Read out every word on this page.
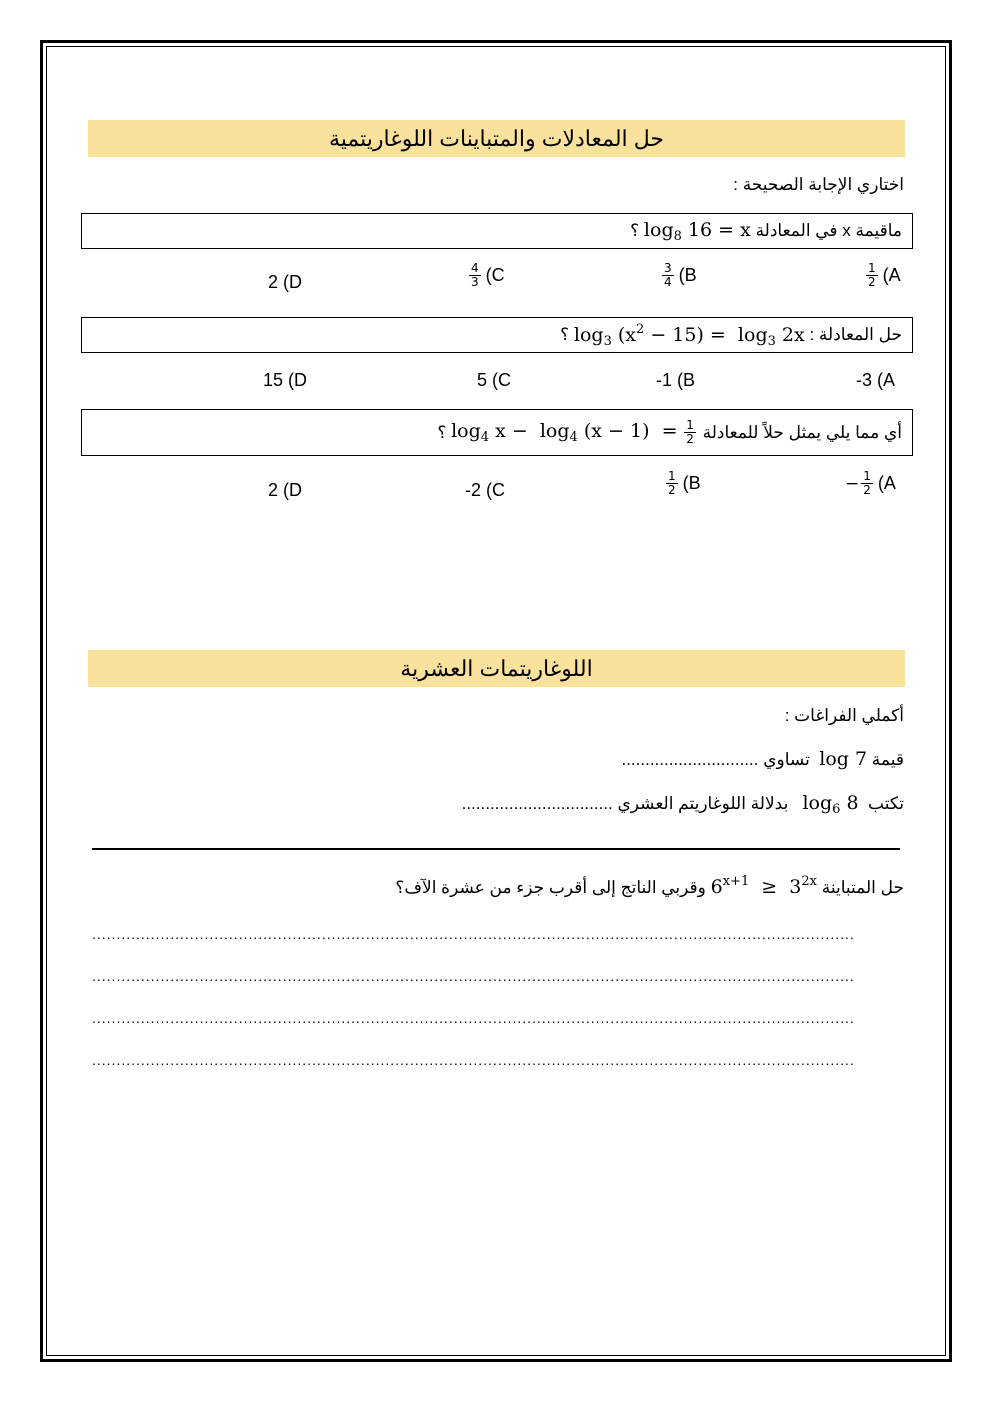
حل المعادلات والمتباينات اللوغاريتمية
اختاري الإجابة الصحيحة :
ماقيمة x في المعادلة

$\log_8 16 = x$

؟
$\frac{1}{2} (A$
$\frac{3}{4} (B$
$\frac{4}{3} (C$
2 (D
حل المعادلة :

$\log_3 (x^2 - 15) = \log_3 2x$

؟
-3 (A
-1 (B
5 (C
15 (D
أي مما يلي يمثل حلاً للمعادلة

$\frac{1}{2}$

$\log_4 x - \log_4 (x - 1)$  =

؟
− $\frac{1}{2} (A$
$\frac{1}{2} (B$
-2 (C
2 (D
اللوغاريتمات العشرية
أكملي الفراغات :
قيمة log 7  تساوي .............................
تكتب  $\log_6 8$   بدلالة اللوغاريتم العشري ................................
حل المتباينة $6^{x+1} \ge 3^{2x}$ وقربي الناتج إلى أقرب جزء من عشرة الآف؟
............................................................................................................................................................
............................................................................................................................................................
............................................................................................................................................................
............................................................................................................................................................
